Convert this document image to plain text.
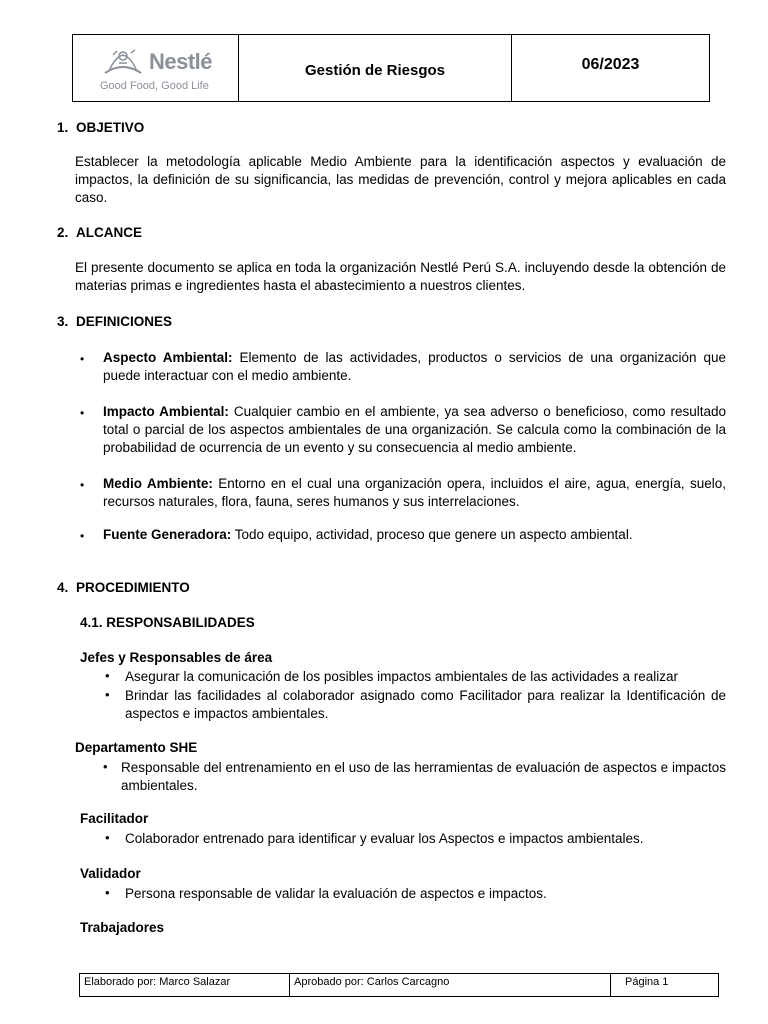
Nestlé
Good Food, Good Life
Gestión de Riesgos	06/2023
1. OBJETIVO
Establecer la metodología aplicable Medio Ambiente para la identificación aspectos y evaluación de impactos, la definición de su significancia, las medidas de prevención, control y mejora aplicables en cada caso.
2. ALCANCE
El presente documento se aplica en toda la organización Nestlé Perú S.A. incluyendo desde la obtención de materias primas e ingredientes hasta el abastecimiento a nuestros clientes.
3. DEFINICIONES
• Aspecto Ambiental: Elemento de las actividades, productos o servicios de una organización que puede interactuar con el medio ambiente.
• Impacto Ambiental: Cualquier cambio en el ambiente, ya sea adverso o beneficioso, como resultado total o parcial de los aspectos ambientales de una organización. Se calcula como la combinación de la probabilidad de ocurrencia de un evento y su consecuencia al medio ambiente.
• Medio Ambiente: Entorno en el cual una organización opera, incluidos el aire, agua, energía, suelo, recursos naturales, flora, fauna, seres humanos y sus interrelaciones.
• Fuente Generadora: Todo equipo, actividad, proceso que genere un aspecto ambiental.
4. PROCEDIMIENTO
4.1. RESPONSABILIDADES
Jefes y Responsables de área
• Asegurar la comunicación de los posibles impactos ambientales de las actividades a realizar
• Brindar las facilidades al colaborador asignado como Facilitador para realizar la Identificación de aspectos e impactos ambientales.
Departamento SHE
• Responsable del entrenamiento en el uso de las herramientas de evaluación de aspectos e impactos ambientales.
Facilitador
• Colaborador entrenado para identificar y evaluar los Aspectos e impactos ambientales.
Validador
• Persona responsable de validar la evaluación de aspectos e impactos.
Trabajadores
Elaborado por: Marco Salazar	Aprobado por: Carlos Carcagno	Página 1
